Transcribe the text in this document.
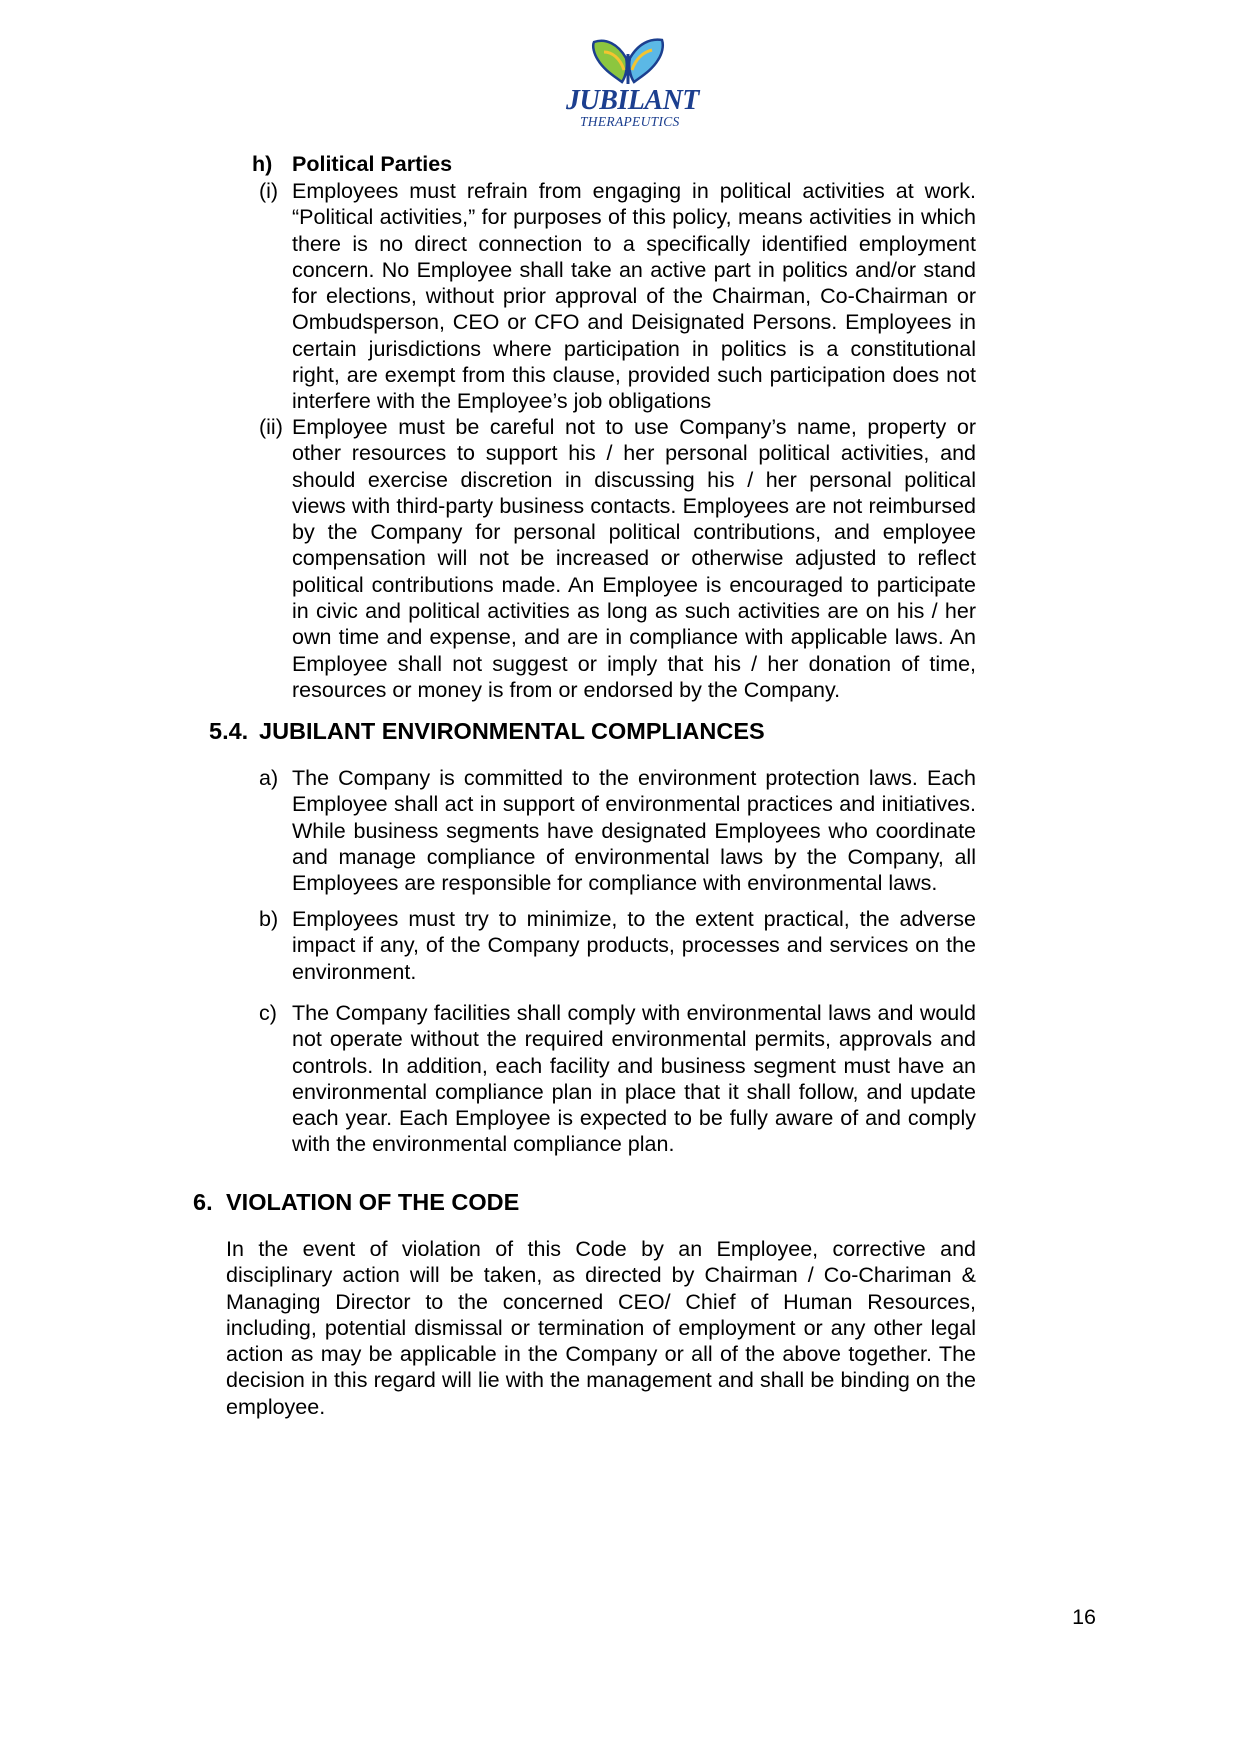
JUBILANT
THERAPEUTICS
h) Political Parties
(i) Employees must refrain from engaging in political activities at work. “Political activities,” for purposes of this policy, means activities in which there is no direct connection to a specifically identified employment concern. No Employee shall take an active part in politics and/or stand for elections, without prior approval of the Chairman, Co-Chairman or Ombudsperson, CEO or CFO and Deisignated Persons. Employees in certain jurisdictions where participation in politics is a constitutional right, are exempt from this clause, provided such participation does not interfere with the Employee’s job obligations

(ii) Employee must be careful not to use Company’s name, property or other resources to support his / her personal political activities, and should exercise discretion in discussing his / her personal political views with third-party business contacts. Employees are not reimbursed by the Company for personal political contributions, and employee compensation will not be increased or otherwise adjusted to reflect political contributions made. An Employee is encouraged to participate in civic and political activities as long as such activities are on his / her own time and expense, and are in compliance with applicable laws. An Employee shall not suggest or imply that his / her donation of time, resources or money is from or endorsed by the Company.

5.4. JUBILANT ENVIRONMENTAL COMPLIANCES
a) The Company is committed to the environment protection laws. Each Employee shall act in support of environmental practices and initiatives. While business segments have designated Employees who coordinate and manage compliance of environmental laws by the Company, all Employees are responsible for compliance with environmental laws.

b) Employees must try to minimize, to the extent practical, the adverse impact if any, of the Company products, processes and services on the environment.

c) The Company facilities shall comply with environmental laws and would not operate without the required environmental permits, approvals and controls. In addition, each facility and business segment must have an environmental compliance plan in place that it shall follow, and update each year. Each Employee is expected to be fully aware of and comply with the environmental compliance plan.

6. VIOLATION OF THE CODE

In the event of violation of this Code by an Employee, corrective and disciplinary action will be taken, as directed by Chairman / Co-Chariman & Managing Director to the concerned CEO/ Chief of Human Resources, including, potential dismissal or termination of employment or any other legal action as may be applicable in the Company or all of the above together. The decision in this regard will lie with the management and shall be binding on the employee.

16
